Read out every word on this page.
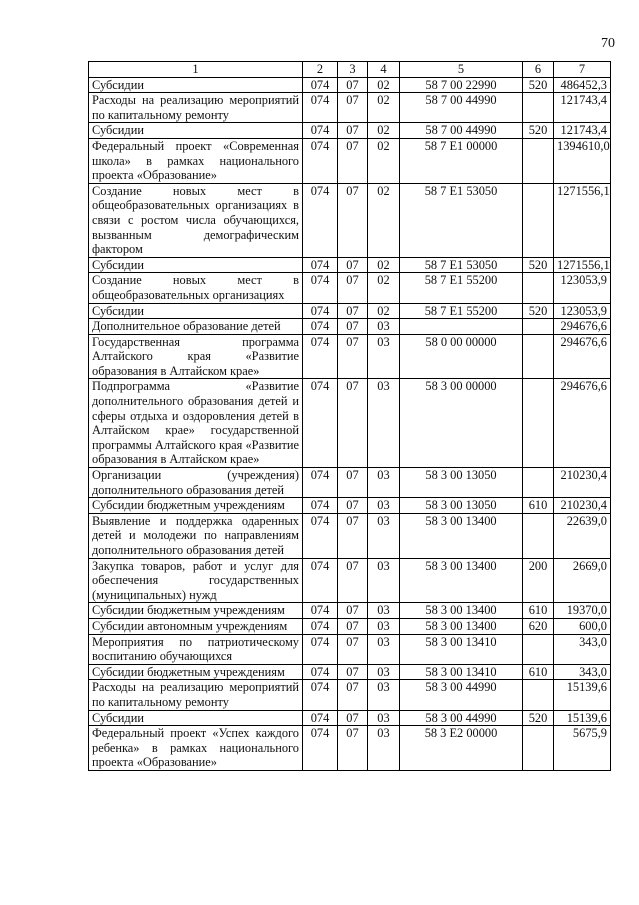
70
1	2	3	4	5	6	7
Субсидии	074	07	02	58 7 00 22990	520	486452,3
Расходы на реализацию мероприятий по капитальному ремонту	074	07	02	58 7 00 44990		121743,4
Субсидии	074	07	02	58 7 00 44990	520	121743,4
Федеральный проект «Современная школа» в рамках национального проекта «Образование»	074	07	02	58 7 E1 00000		1394610,0
Создание новых мест в общеобразовательных организациях в связи с ростом числа обучающихся, вызванным демографическим фактором	074	07	02	58 7 E1 53050		1271556,1
Субсидии	074	07	02	58 7 E1 53050	520	1271556,1
Создание новых мест в общеобразовательных организациях	074	07	02	58 7 E1 55200		123053,9
Субсидии	074	07	02	58 7 E1 55200	520	123053,9
Дополнительное образование детей	074	07	03			294676,6
Государственная программа Алтайского края «Развитие образования в Алтайском крае»	074	07	03	58 0 00 00000		294676,6
Подпрограмма «Развитие дополнительного образования детей и сферы отдыха и оздоровления детей в Алтайском крае» государственной программы Алтайского края «Развитие образования в Алтайском крае»	074	07	03	58 3 00 00000		294676,6
Организации (учреждения) дополнительного образования детей	074	07	03	58 3 00 13050		210230,4
Субсидии бюджетным учреждениям	074	07	03	58 3 00 13050	610	210230,4
Выявление и поддержка одаренных детей и молодежи по направлениям дополнительного образования детей	074	07	03	58 3 00 13400		22639,0
Закупка товаров, работ и услуг для обеспечения государственных (муниципальных) нужд	074	07	03	58 3 00 13400	200	2669,0
Субсидии бюджетным учреждениям	074	07	03	58 3 00 13400	610	19370,0
Субсидии автономным учреждениям	074	07	03	58 3 00 13400	620	600,0
Мероприятия по патриотическому воспитанию обучающихся	074	07	03	58 3 00 13410		343,0
Субсидии бюджетным учреждениям	074	07	03	58 3 00 13410	610	343,0
Расходы на реализацию мероприятий по капитальному ремонту	074	07	03	58 3 00 44990		15139,6
Субсидии	074	07	03	58 3 00 44990	520	15139,6
Федеральный проект «Успех каждого ребенка» в рамках национального проекта «Образование»	074	07	03	58 3 E2 00000		5675,9
